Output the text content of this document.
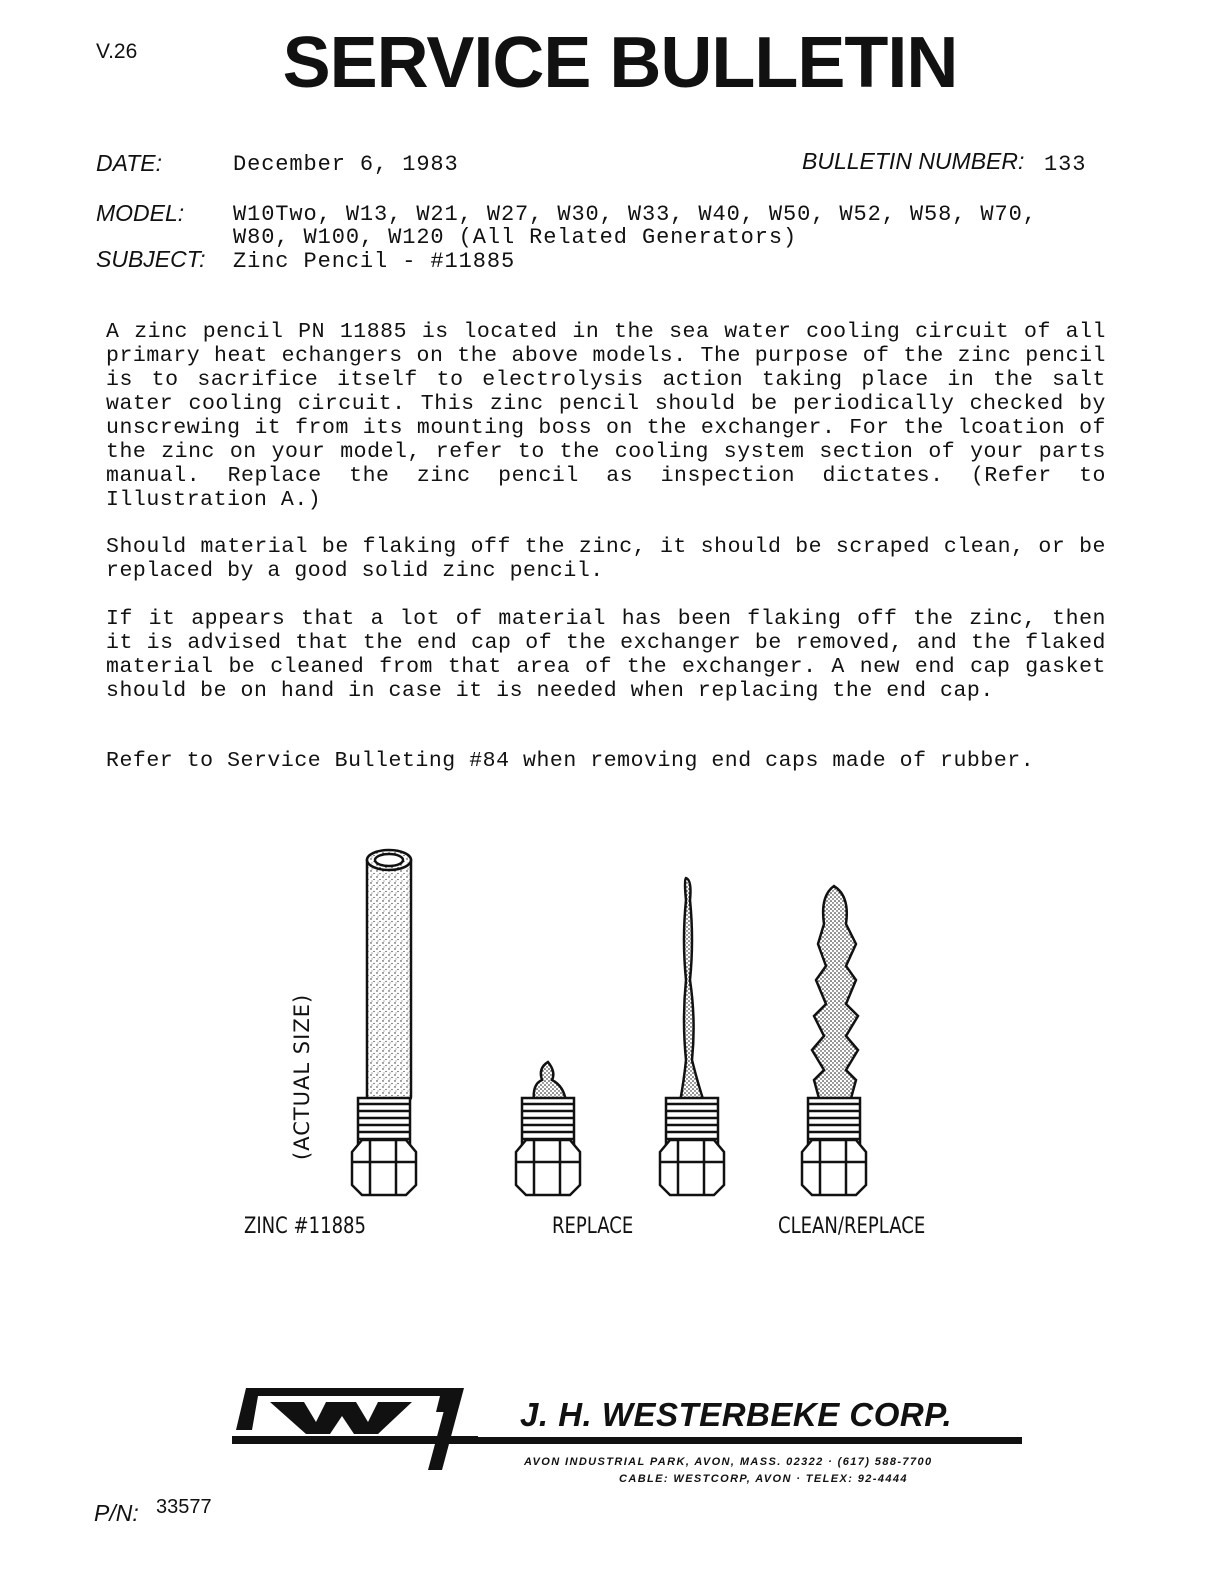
V.26	SERVICE BULLETIN
DATE:	December 6, 1983	BULLETIN NUMBER: 133
MODEL: W10Two, W13, W21, W27, W30, W33, W40, W50, W52, W58, W70,
W80, W100, W120 (All Related Generators)
SUBJECT: Zinc Pencil - #11885

A zinc pencil PN 11885 is located in the sea water cooling circuit of all primary heat echangers on the above models. The purpose of the zinc pencil is to sacrifice itself to electrolysis action taking place in the salt water cooling circuit. This zinc pencil should be periodically checked by unscrewing it from its mounting boss on the exchanger. For the lcoation of the zinc on your model, refer to the cooling system section of your parts manual. Replace the zinc pencil as inspection dictates. (Refer to Illustration A.)

Should material be flaking off the zinc, it should be scraped clean, or be replaced by a good solid zinc pencil.

If it appears that a lot of material has been flaking off the zinc, then it is advised that the end cap of the exchanger be removed, and the flaked material be cleaned from that area of the exchanger. A new end cap gasket should be on hand in case it is needed when replacing the end cap.

Refer to Service Bulleting #84 when removing end caps made of rubber.

(ACTUAL SIZE)
ZINC #11885	REPLACE	CLEAN/REPLACE
J. H. WESTERBEKE CORP.
AVON INDUSTRIAL PARK, AVON, MASS. 02322 · (617) 588-7700
CABLE: WESTCORP, AVON · TELEX: 92-4444
P/N: 33577
